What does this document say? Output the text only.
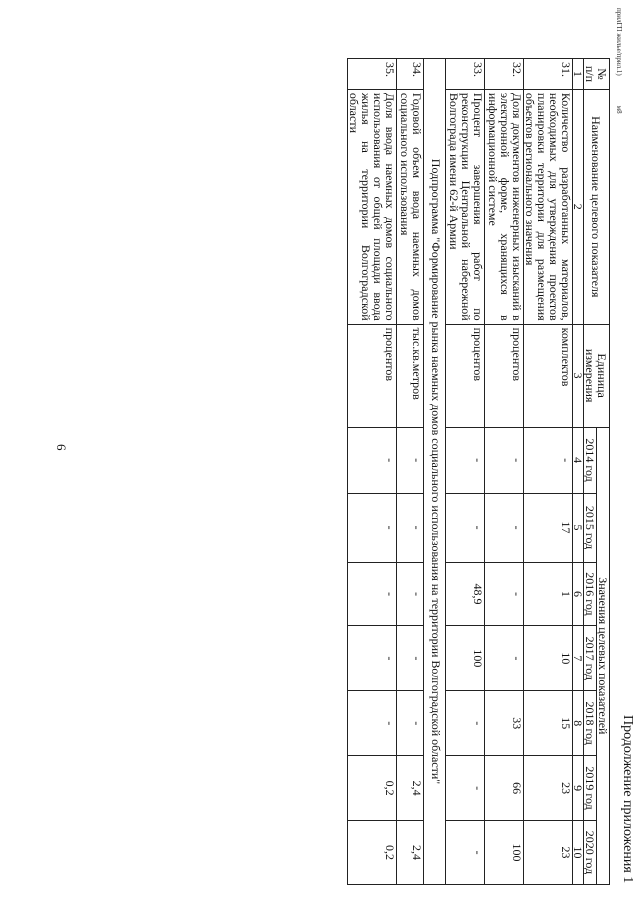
6
Продолжение приложения 1
прилГП жилье/прил.1)м8
№ п/п	Наименование целевого показателя	Единица измерения	Значения целевых показателей						
			2014 год	2015 год	2016 год	2017 год	2018 год	2019 год	2020 год
1	2	3	4	5	6	7	8	9	10
31.	Количество разработанных материалов, необходимых для утверждения проектов планировки территории для размещения объектов регионального значения	комплектов	-	17	1	10	15	23	23
32.	Доля документов инженерных изысканий в электронной форме, хранящихся в информационной системе	процентов	-	-	-	-	33	66	100
33.	Процент завершения работ по реконструкции Центральной набережной Волгограда имени 62-й Армии	процентов	-	-	48,9	100	-	-	-
Подпрограмма "Формирование рынка наемных домов социального использования на территории Волгоградской области"									
34.	Годовой объем ввода наемных домов социального использования	тыс.кв.метров	-	-	-	-	-	2,4	2,4
35.	Доля ввода наемных домов социального использования от общей площади ввода жилья на территории Волгоградской области	процентов	-	-	-	-	-	0,2	0,2
